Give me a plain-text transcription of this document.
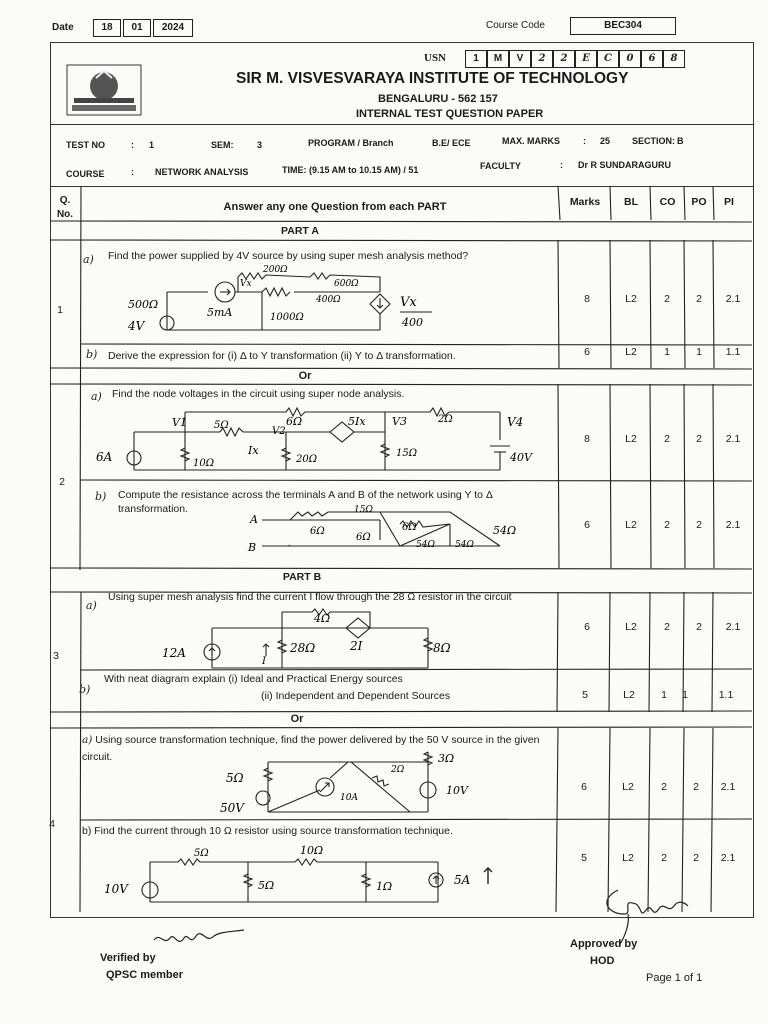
Date	18 01 2024	Course Code	BEC304
USN	1	M	V	2	2	E	C	0	6	8
SIR M. VISVESVARAYA INSTITUTE OF TECHNOLOGY
BENGALURU - 562 157
INTERNAL TEST QUESTION PAPER
TEST NO	: 1	SEM:	3	PROGRAM / Branch	B.E/ ECE	MAX. MARKS	: 25 SECTION: B
COURSE	: NETWORK ANALYSIS	TIME: (9.15 AM to 10.15 AM) / 51	FACULTY	: Dr R SUNDARAGURU
Q. No.
Answer any one Question from each PART	Marks	BL	CO	PO	PI
PART A
1
a) Find the power supplied by 4V source by using super mesh analysis method?
8	L2	2	2	2.1
200Ω
Vx	600Ω
400Ω
500Ω
5mA	1000Ω
4V
Vx
400
b) Derive the expression for (i) Δ to Y transformation (ii) Y to Δ transformation.	6	L2	1	1	1.1
Or
2
a) Find the node voltages in the circuit using super node analysis.
8	L2	2	2	2.1
V1	5Ω
V2
6Ω	5Ix V3	2Ω	V4
6A	10Ω
Ix
20Ω
15Ω	40V
b) Compute the resistance across the terminals A and B of the network using Y to Δ transformation.
6	L2	2	2	2.1
A
B
6Ω
15Ω
6Ω
6Ω
54Ω 54Ω
54Ω
PART B
3
a)
Using super mesh analysis find the current I flow through the 28 Ω resistor in the circuit
6	L2	2	2	2.1
4Ω
12A
I
28Ω	2I	8Ω
b)
With neat diagram explain (i) Ideal and Practical Energy sources
(ii) Independent and Dependent Sources	5	L2	1	1	1.1
Or
4
a) Using source transformation technique, find the power delivered by the 50 V source in the given circuit.
6	L2	2	2	2.1
5Ω
3Ω
2Ω
50V
10A
10V
b) Find the current through 10 Ω resistor using source transformation technique.
5	L2	2	2	2.1
5Ω	10Ω
10V	5Ω	1Ω	5A
Verified by
QPSC member
Approved by
HOD
Page 1 of 1
